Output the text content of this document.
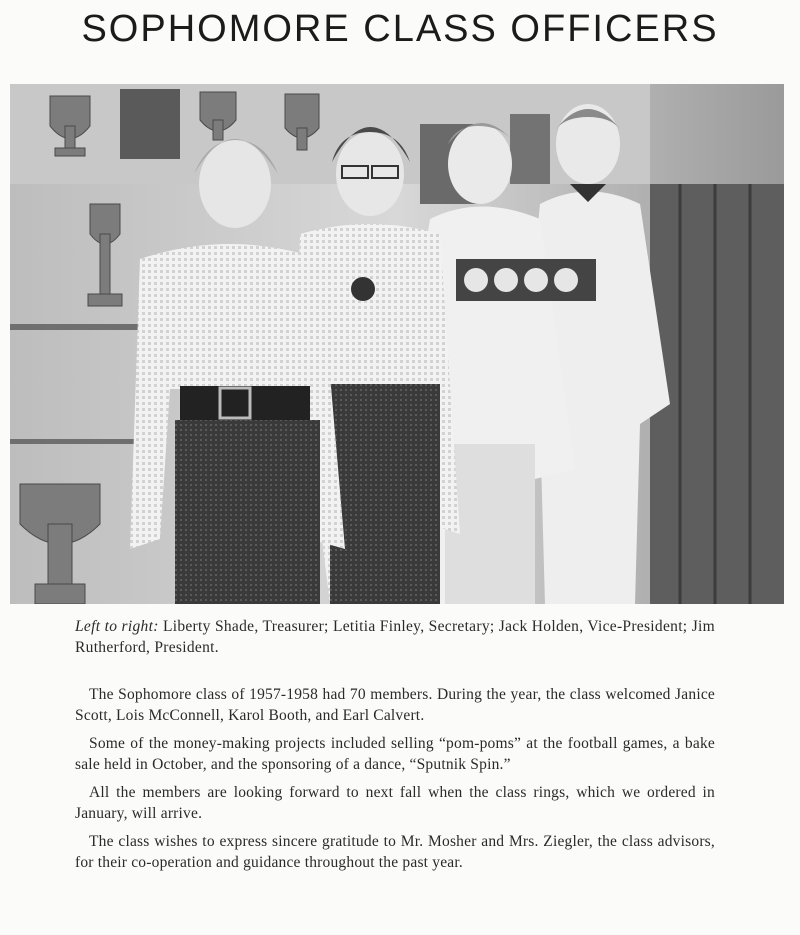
SOPHOMORE CLASS OFFICERS
Left to right: Liberty Shade, Treasurer; Letitia Finley, Secretary; Jack Holden, Vice-President; Jim Rutherford, President.

The Sophomore class of 1957-1958 had 70 members. During the year, the class welcomed Janice Scott, Lois McConnell, Karol Booth, and Earl Calvert.

Some of the money-making projects included selling “pom-poms” at the football games, a bake sale held in October, and the sponsoring of a dance, “Sputnik Spin.”

All the members are looking forward to next fall when the class rings, which we ordered in January, will arrive.

The class wishes to express sincere gratitude to Mr. Mosher and Mrs. Ziegler, the class advisors, for their co-operation and guidance throughout the past year.
